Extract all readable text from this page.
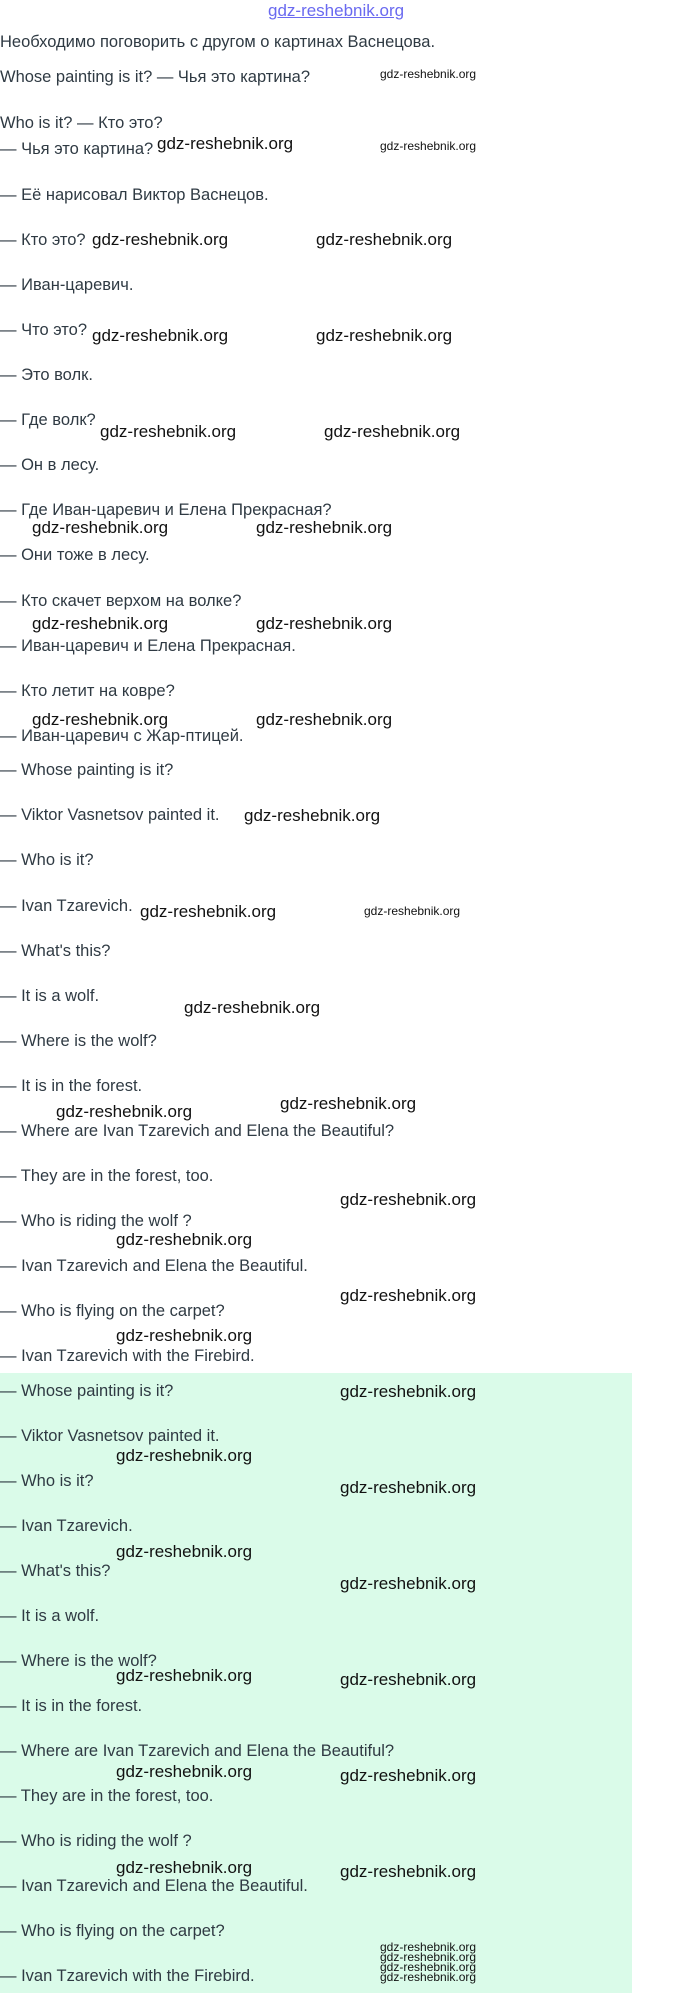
gdz-reshebnik.org

Необходимо поговорить с другом о картинах Васнецова.

Whose painting is it? — Чья это картина?

Who is it? — Кто это?

— Чья это картина?

— Её нарисовал Виктор Васнецов.

— Кто это?

— Иван-царевич.

— Что это?

— Это волк.

— Где волк?

— Он в лесу.

— Где Иван-царевич и Елена Прекрасная?

— Они тоже в лесу.

— Кто скачет верхом на волке?

— Иван-царевич и Елена Прекрасная.

— Кто летит на ковре?

— Иван-царевич с Жар-птицей.

— Whose painting is it?

— Viktor Vasnetsov painted it.

— Who is it?

— Ivan Tzarevich.

— What's this?

— It is a wolf.

— Where is the wolf?

— It is in the forest.

— Where are Ivan Tzarevich and Elena the Beautiful?

— They are in the forest, too.

— Who is riding the wolf ?

— Ivan Tzarevich and Elena the Beautiful.

— Who is flying on the carpet?

— Ivan Tzarevich with the Firebird.

— Whose painting is it?

— Viktor Vasnetsov painted it.

— Who is it?

— Ivan Tzarevich.

— What's this?

— It is a wolf.

— Where is the wolf?

— It is in the forest.

— Where are Ivan Tzarevich and Elena the Beautiful?

— They are in the forest, too.

— Who is riding the wolf ?

— Ivan Tzarevich and Elena the Beautiful.

— Who is flying on the carpet?

— Ivan Tzarevich with the Firebird.

gdz-reshebnik.org
gdz-reshebnik.org	gdz-reshebnik.org
gdz-reshebnik.org	gdz-reshebnik.org
gdz-reshebnik.org	gdz-reshebnik.org
gdz-reshebnik.org	gdz-reshebnik.org
gdz-reshebnik.org	gdz-reshebnik.org
gdz-reshebnik.org	gdz-reshebnik.org
gdz-reshebnik.org	gdz-reshebnik.org
gdz-reshebnik.org
gdz-reshebnik.org	gdz-reshebnik.org
gdz-reshebnik.org
gdz-reshebnik.org
gdz-reshebnik.org
gdz-reshebnik.org
gdz-reshebnik.org
gdz-reshebnik.org
gdz-reshebnik.org
gdz-reshebnik.org
gdz-reshebnik.org
gdz-reshebnik.org
gdz-reshebnik.org
gdz-reshebnik.org
gdz-reshebnik.org	gdz-reshebnik.org
gdz-reshebnik.org	gdz-reshebnik.org
gdz-reshebnik.org	gdz-reshebnik.org
gdz-reshebnik.org
gdz-reshebnik.org
gdz-reshebnik.org
gdz-reshebnik.org
